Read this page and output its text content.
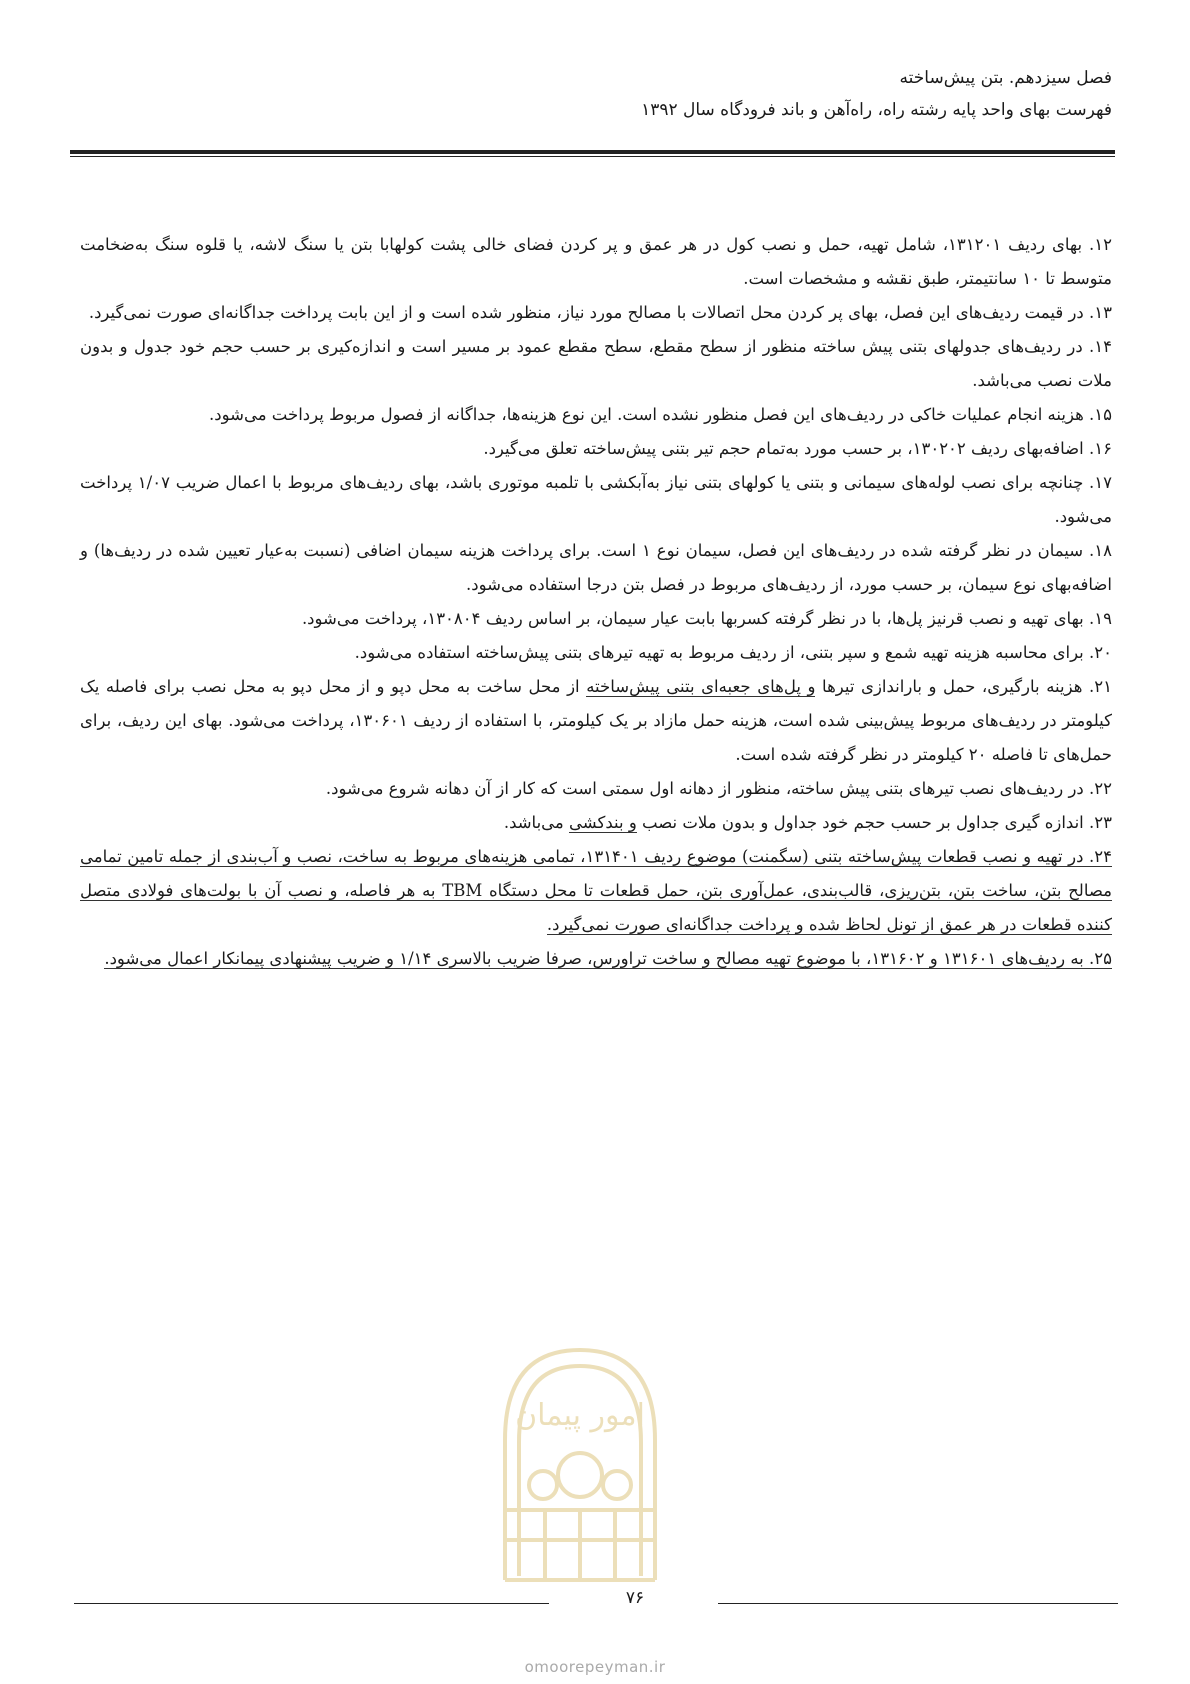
فصل سیزدهم. بتن پیش‌ساخته
فهرست بهای واحد پایه رشته راه، راه‌آهن و باند فرودگاه سال ۱۳۹۲

۱۲. بهای ردیف ۱۳۱۲۰۱، شامل تهیه، حمل و نصب کول در هر عمق و پر کردن فضای خالی پشت کولهابا بتن یا سنگ لاشه، یا قلوه سنگ به‌ضخامت متوسط تا ۱۰ سانتیمتر، طبق نقشه و مشخصات است.

۱۳. در قیمت ردیف‌های این فصل، بهای پر کردن محل اتصالات با مصالح مورد نیاز، منظور شده است و از این بابت پرداخت جداگانه‌ای صورت نمی‌گیرد.

۱۴. در ردیف‌های جدولهای بتنی پیش ساخته منظور از سطح مقطع، سطح مقطع عمود بر مسیر است و اندازه‌کیری بر حسب حجم خود جدول و بدون ملات نصب می‌باشد.

۱۵. هزینه انجام عملیات خاکی در ردیف‌های این فصل منظور نشده است. این نوع هزینه‌ها، جداگانه از فصول مربوط پرداخت می‌شود.

۱۶. اضافه‌بهای ردیف ۱۳۰۲۰۲، بر حسب مورد به‌تمام حجم تیر بتنی پیش‌ساخته تعلق می‌گیرد.

۱۷. چنانچه برای نصب لوله‌های سیمانی و بتنی یا کولهای بتنی نیاز به‌آبکشی با تلمبه موتوری باشد، بهای ردیف‌های مربوط با اعمال ضریب ۱/۰۷ پرداخت می‌شود.

۱۸. سیمان در نظر گرفته شده در ردیف‌های این فصل، سیمان نوع ۱ است. برای پرداخت هزینه سیمان اضافی (نسبت به‌عیار تعیین شده در ردیف‌ها) و اضافه‌بهای نوع سیمان، بر حسب مورد، از ردیف‌های مربوط در فصل بتن درجا استفاده می‌شود.

۱۹. بهای تهیه و نصب قرنیز پل‌ها، با در نظر گرفته کسربها بابت عیار سیمان، بر اساس ردیف ۱۳۰۸۰۴، پرداخت می‌شود.

۲۰. برای محاسبه هزینه تهیه شمع و سپر بتنی، از ردیف مربوط به تهیه تیرهای بتنی پیش‌ساخته استفاده می‌شود.

۲۱. هزینه بارگیری، حمل و باراندازی تیرها و پل‌های جعبه‌ای بتنی پیش‌ساخته از محل ساخت به محل دپو و از محل دپو به محل نصب برای فاصله یک کیلومتر در ردیف‌های مربوط پیش‌بینی شده است، هزینه حمل مازاد بر یک کیلومتر، با استفاده از ردیف ۱۳۰۶۰۱، پرداخت می‌شود. بهای این ردیف، برای حمل‌های تا فاصله ۲۰ کیلومتر در نظر گرفته شده است.

۲۲. در ردیف‌های نصب تیرهای بتنی پیش ساخته، منظور از دهانه اول سمتی است که کار از آن دهانه شروع می‌شود.

۲۳. اندازه گیری جداول بر حسب حجم خود جداول و بدون ملات نصب و بندکشی می‌باشد.

۲۴. در تهیه و نصب قطعات پیش‌ساخته بتنی (سگمنت) موضوع ردیف ۱۳۱۴۰۱، تمامی هزینه‌های مربوط به ساخت، نصب و آب‌بندی از جمله تامین تمامی مصالح بتن، ساخت بتن، بتن‌ریزی، قالب‌بندی، عمل‌آوری بتن، حمل قطعات تا محل دستگاه TBM به هر فاصله، و نصب آن با بولت‌های فولادی متصل کننده قطعات در هر عمق از تونل لحاظ شده و پرداخت جداگانه‌ای صورت نمی‌گیرد.

۲۵. به ردیف‌های ۱۳۱۶۰۱ و ۱۳۱۶۰۲، با موضوع تهیه مصالح و ساخت تراورس، صرفا ضریب بالاسری ۱/۱۴ و ضریب پیشنهادی پیمانکار اعمال می‌شود.

امور پیمان
۷۶
omoorepeyman.ir
